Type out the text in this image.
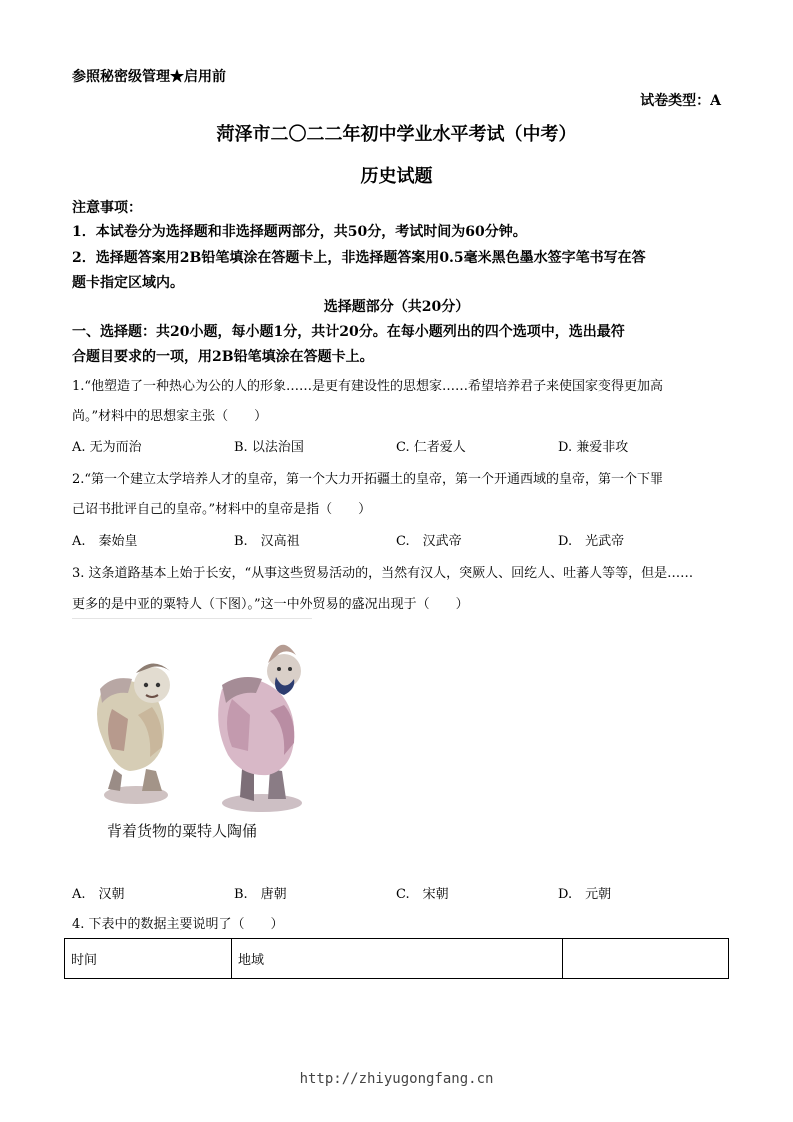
参照秘密级管理★启用前
试卷类型：A
菏泽市二〇二二年初中学业水平考试（中考）
历史试题
注意事项：
1．本试卷分为选择题和非选择题两部分，共50分，考试时间为60分钟。
2．选择题答案用2B铅笔填涂在答题卡上，非选择题答案用0.5毫米黑色墨水签字笔书写在答
题卡指定区域内。
选择题部分（共20分）
一、选择题：共20小题，每小题1分，共计20分。在每小题列出的四个选项中，选出最符
合题目要求的一项，用2B铅笔填涂在答题卡上。
1.“他塑造了一种热心为公的人的形象……是更有建设性的思想家……希望培养君子来使国家变得更加高
尚。”材料中的思想家主张（　　）
A. 无为而治	B. 以法治国	C. 仁者爱人	D. 兼爱非攻
2.“第一个建立太学培养人才的皇帝，第一个大力开拓疆土的皇帝，第一个开通西域的皇帝，第一个下罪
己诏书批评自己的皇帝。”材料中的皇帝是指（　　）
A.　秦始皇	B.　汉高祖	C.　汉武帝	D.　光武帝
3. 这条道路基本上始于长安，“从事这些贸易活动的，当然有汉人，突厥人、回纥人、吐蕃人等等，但是……
更多的是中亚的粟特人（下图）。”这一中外贸易的盛况出现于（　　）
背着货物的粟特人陶俑
A.　汉朝	B.　唐朝	C.　宋朝	D.　元朝
4. 下表中的数据主要说明了（　　）
时间	地域	
http://zhiyugongfang.cn
